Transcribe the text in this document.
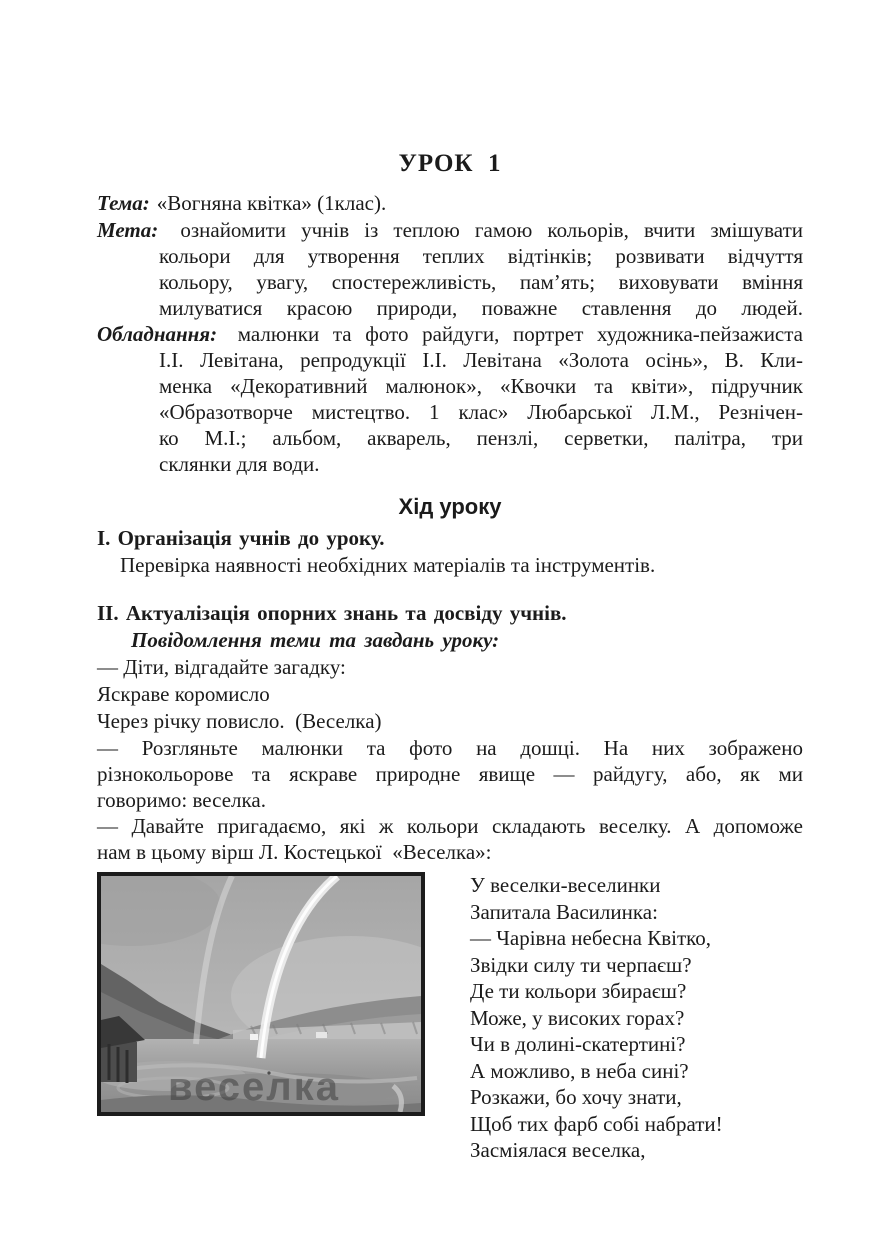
УРОК  1
Тема: «Вогняна квітка» (1клас).
Мета: ознайомити учнів із теплою гамою кольорів, вчити змішувати
кольори для утворення теплих відтінків; розвивати відчуття
кольору, увагу, спостережливість, пам’ять; виховувати вміння
милуватися красою природи, поважне ставлення до людей.
Обладнання: малюнки та фото райдуги, портрет художника-пейзажиста
І.І. Левітана, репродукції І.І. Левітана «Золота осінь», В. Кли-
менка «Декоративний малюнок», «Квочки та квіти», підручник
«Образотворче мистецтво. 1 клас» Любарської Л.М., Резнічен-
ко М.І.; альбом, акварель, пензлі, серветки, палітра, три
склянки для води.
Хід уроку

І. Організація учнів до уроку.

Перевірка наявності необхідних матеріалів та інструментів.

ІІ. Актуалізація опорних знань та досвіду учнів.

Повідомлення теми та завдань уроку:

— Діти, відгадайте загадку:
Яскраве коромисло
Через річку повисло.  (Веселка)
— Розгляньте малюнки та фото на дошці. На них зображено
різнокольорове та яскраве природне явище — райдугу, або, як ми
говоримо: веселка.
— Давайте пригадаємо, які ж кольори складають веселку. А допоможе
нам в цьому вірш Л. Костецької  «Веселка»:
веселка
У веселки-веселинки
Запитала Василинка:
— Чарівна небесна Квітко,
Звідки силу ти черпаєш?
Де ти кольори збираєш?
Може, у високих горах?
Чи в долині-скатертині?
А можливо, в неба сині?
Розкажи, бо хочу знати,
Щоб тих фарб собі набрати!
Засміялася веселка,
